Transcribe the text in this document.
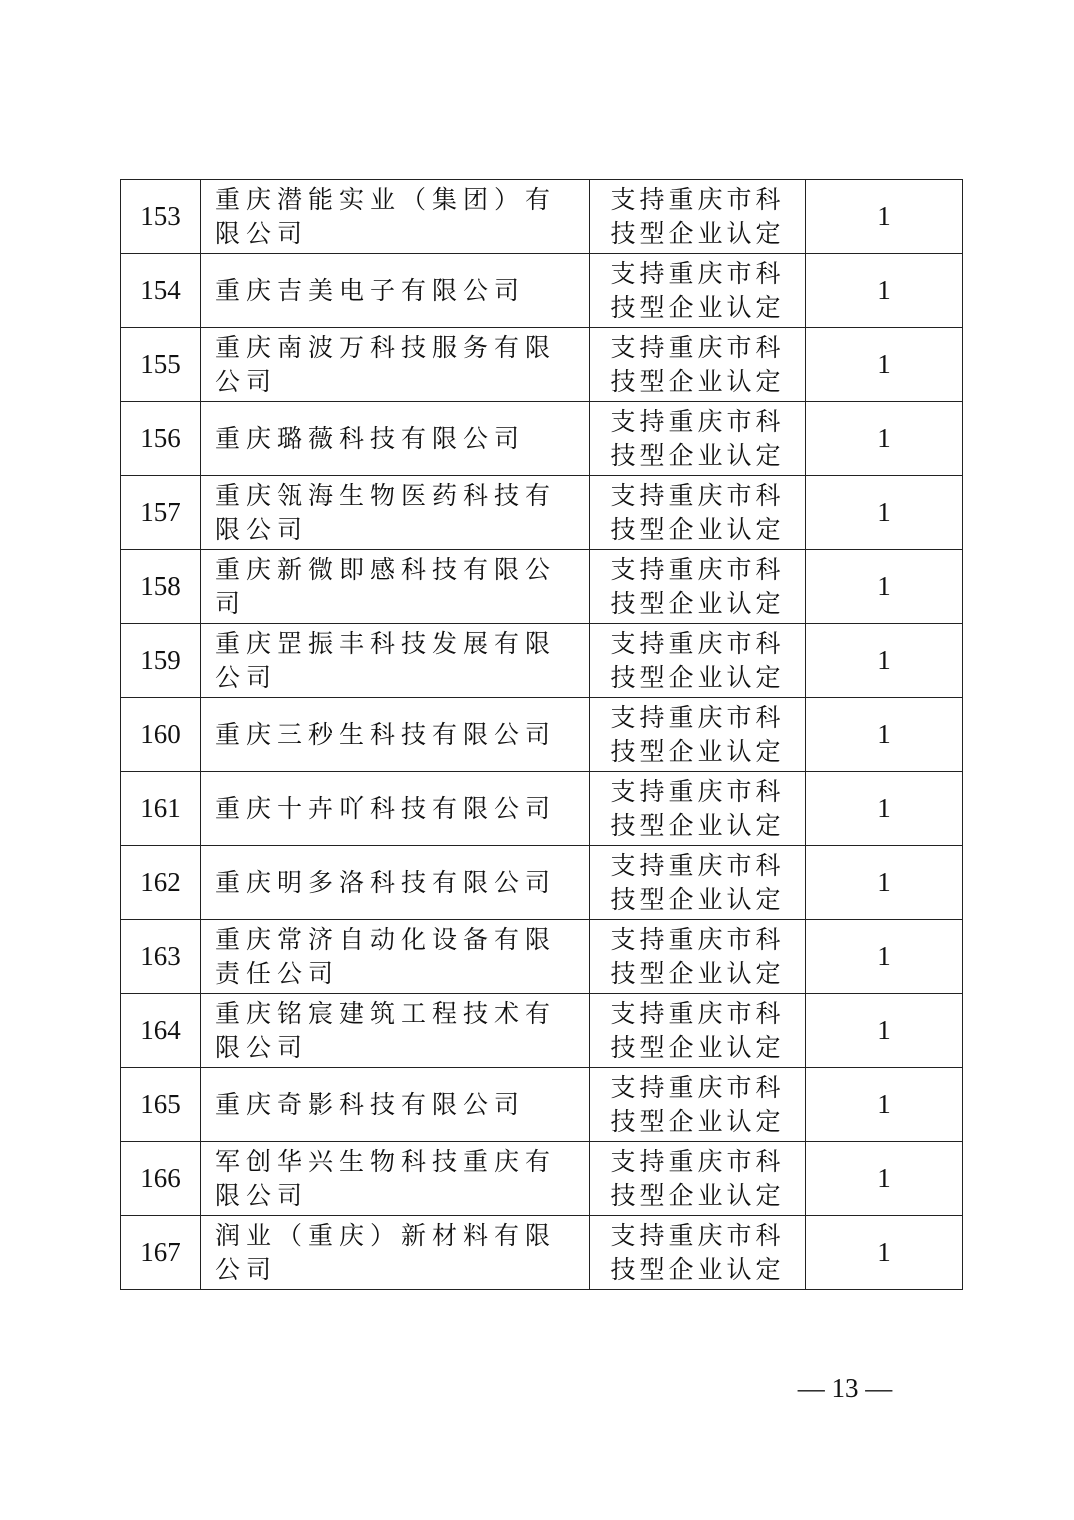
153	重庆潜能实业（集团）有限公司	支持重庆市科
技型企业认定	1
154	重庆吉美电子有限公司	支持重庆市科
技型企业认定	1
155	重庆南波万科技服务有限公司	支持重庆市科
技型企业认定	1
156	重庆璐薇科技有限公司	支持重庆市科
技型企业认定	1
157	重庆瓴海生物医药科技有限公司	支持重庆市科
技型企业认定	1
158	重庆新微即感科技有限公司	支持重庆市科
技型企业认定	1
159	重庆罡振丰科技发展有限公司	支持重庆市科
技型企业认定	1
160	重庆三秒生科技有限公司	支持重庆市科
技型企业认定	1
161	重庆十卉吖科技有限公司	支持重庆市科
技型企业认定	1
162	重庆明多洛科技有限公司	支持重庆市科
技型企业认定	1
163	重庆常济自动化设备有限责任公司	支持重庆市科
技型企业认定	1
164	重庆铭宸建筑工程技术有限公司	支持重庆市科
技型企业认定	1
165	重庆奇影科技有限公司	支持重庆市科
技型企业认定	1
166	军创华兴生物科技重庆有限公司	支持重庆市科
技型企业认定	1
167	润业（重庆）新材料有限公司	支持重庆市科
技型企业认定	1
— 13 —
